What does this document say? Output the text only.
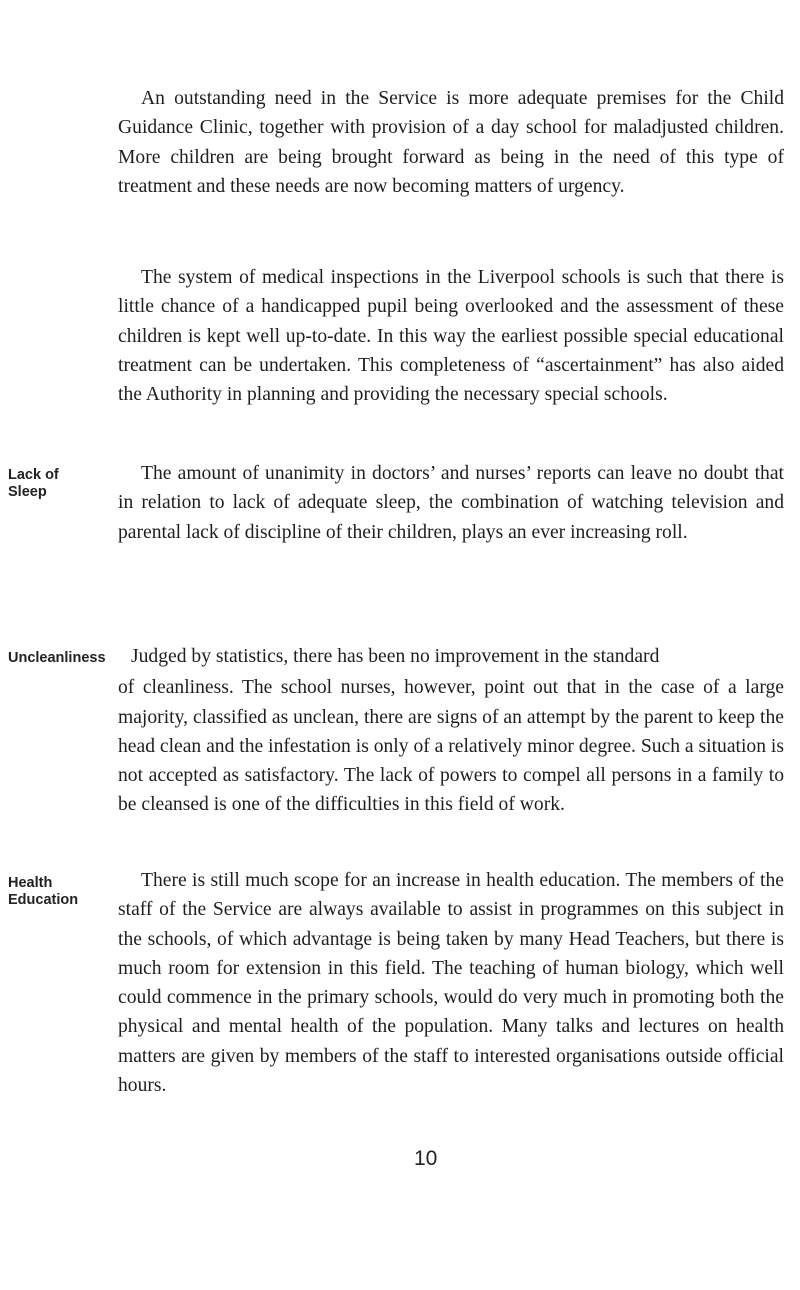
An outstanding need in the Service is more adequate premises for the Child Guidance Clinic, together with provision of a day school for maladjusted children. More children are being brought forward as being in the need of this type of treatment and these needs are now becoming matters of urgency.

The system of medical inspections in the Liverpool schools is such that there is little chance of a handicapped pupil being overlooked and the assessment of these children is kept well up-to-date. In this way the earliest possible special educational treatment can be undertaken. This completeness of “ascertainment” has also aided the Authority in planning and providing the necessary special schools.

Lack of
Sleep

The amount of unanimity in doctors’ and nurses’ reports can leave no doubt that in relation to lack of adequate sleep, the combination of watching television and parental lack of discipline of their children, plays an ever increasing roll.

Uncleanliness Judged by statistics, there has been no improvement in the standard
of cleanliness. The school nurses, however, point out that in the case of a large majority, classified as unclean, there are signs of an attempt by the parent to keep the head clean and the infestation is only of a relatively minor degree. Such a situation is not accepted as satisfactory. The lack of powers to compel all persons in a family to be cleansed is one of the difficulties in this field of work.
Health
Education

There is still much scope for an increase in health education. The members of the staff of the Service are always available to assist in programmes on this subject in the schools, of which advantage is being taken by many Head Teachers, but there is much room for extension in this field. The teaching of human biology, which well could commence in the primary schools, would do very much in promoting both the physical and mental health of the population. Many talks and lectures on health matters are given by members of the staff to interested organisations outside official hours.

10
